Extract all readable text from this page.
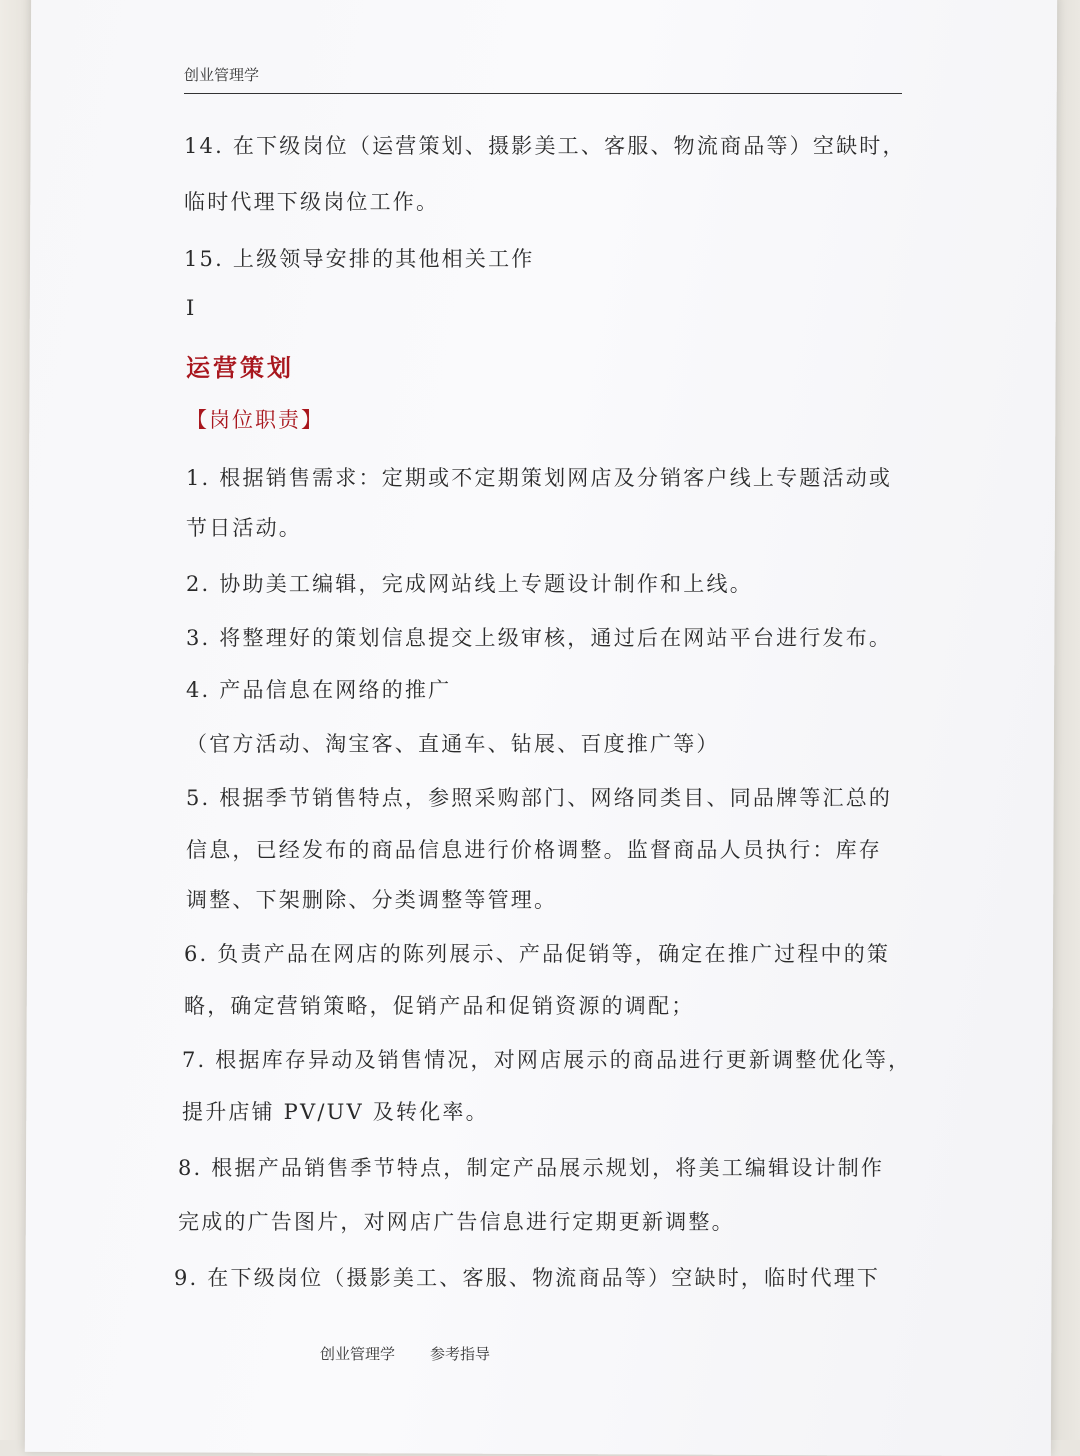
创业管理学
14. 在下级岗位（运营策划、摄影美工、客服、物流商品等）空缺时，
临时代理下级岗位工作。
15. 上级领导安排的其他相关工作
I
运营策划
【岗位职责】
1. 根据销售需求：定期或不定期策划网店及分销客户线上专题活动或
节日活动。
2. 协助美工编辑，完成网站线上专题设计制作和上线。
3. 将整理好的策划信息提交上级审核，通过后在网站平台进行发布。
4. 产品信息在网络的推广
（官方活动、淘宝客、直通车、钻展、百度推广等）
5. 根据季节销售特点，参照采购部门、网络同类目、同品牌等汇总的
信息，已经发布的商品信息进行价格调整。监督商品人员执行：库存
调整、下架删除、分类调整等管理。
6. 负责产品在网店的陈列展示、产品促销等，确定在推广过程中的策
略，确定营销策略，促销产品和促销资源的调配；
7. 根据库存异动及销售情况，对网店展示的商品进行更新调整优化等，
提升店铺 PV/UV 及转化率。
8. 根据产品销售季节特点，制定产品展示规划，将美工编辑设计制作
完成的广告图片，对网店广告信息进行定期更新调整。
9. 在下级岗位（摄影美工、客服、物流商品等）空缺时，临时代理下
创业管理学 参考指导
